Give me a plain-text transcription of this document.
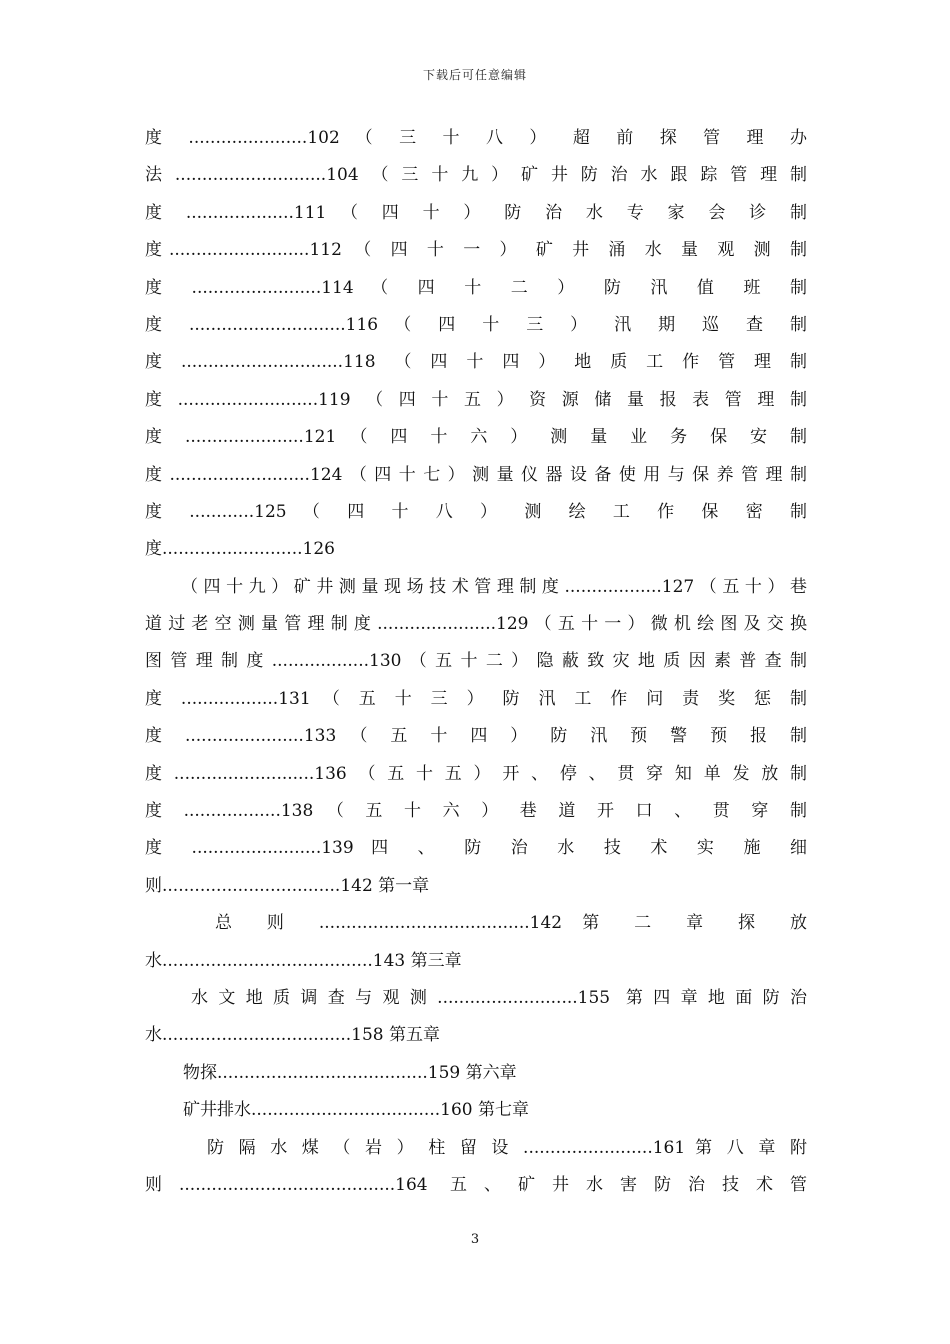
下载后可任意编辑
度 ......................102 （ 三 十 八 ） 超 前 探 管 理 办
法............................104（三十九）矿井防治水跟踪管理制
度 ....................111 （ 四 十 ） 防 治 水 专 家 会 诊 制
度..........................112 （ 四 十 一 ） 矿 井 涌 水 量 观 测 制
度 ........................114 （ 四 十 二 ） 防 汛 值 班 制
度 .............................116 （ 四 十 三 ） 汛 期 巡 查 制
度..............................118（四十四）地质工作管理制
度..........................119（四十五）资源储量报表管理制
度 ......................121 （ 四 十 六 ） 测 量 业 务 保 安 制
度..........................124（四十七）测量仪器设备使用与保养管理制
度 ............125 （ 四 十 八 ） 测 绘 工 作 保 密 制
度..........................126
（四十九）矿井测量现场技术管理制度..................127（五十）巷
道过老空测量管理制度......................129（五十一）微机绘图及交换
图管理制度..................130（五十二）隐蔽致灾地质因素普查制
度 ..................131 （ 五 十 三 ） 防 汛 工 作 问 责 奖 惩 制
度 ......................133 （ 五 十 四 ） 防 汛 预 警 预 报 制
度..........................136（五十五）开、停、贯穿知单发放制
度 ..................138 （ 五 十 六 ） 巷 道 开 口 、 贯 穿 制
度 ........................139 四 、 防 治 水 技 术 实 施 细
则.................................142 第一章
总 则 .......................................142 第 二 章 探 放
水.......................................143 第三章
水文地质调查与观测..........................155 第四章地面防治
水...................................158 第五章
物探.......................................159 第六章
矿井排水...................................160 第七章
防 隔 水 煤 （ 岩 ） 柱 留 设 ........................161 第 八 章 附
则........................................164 五、矿井水害防治技术管
3
